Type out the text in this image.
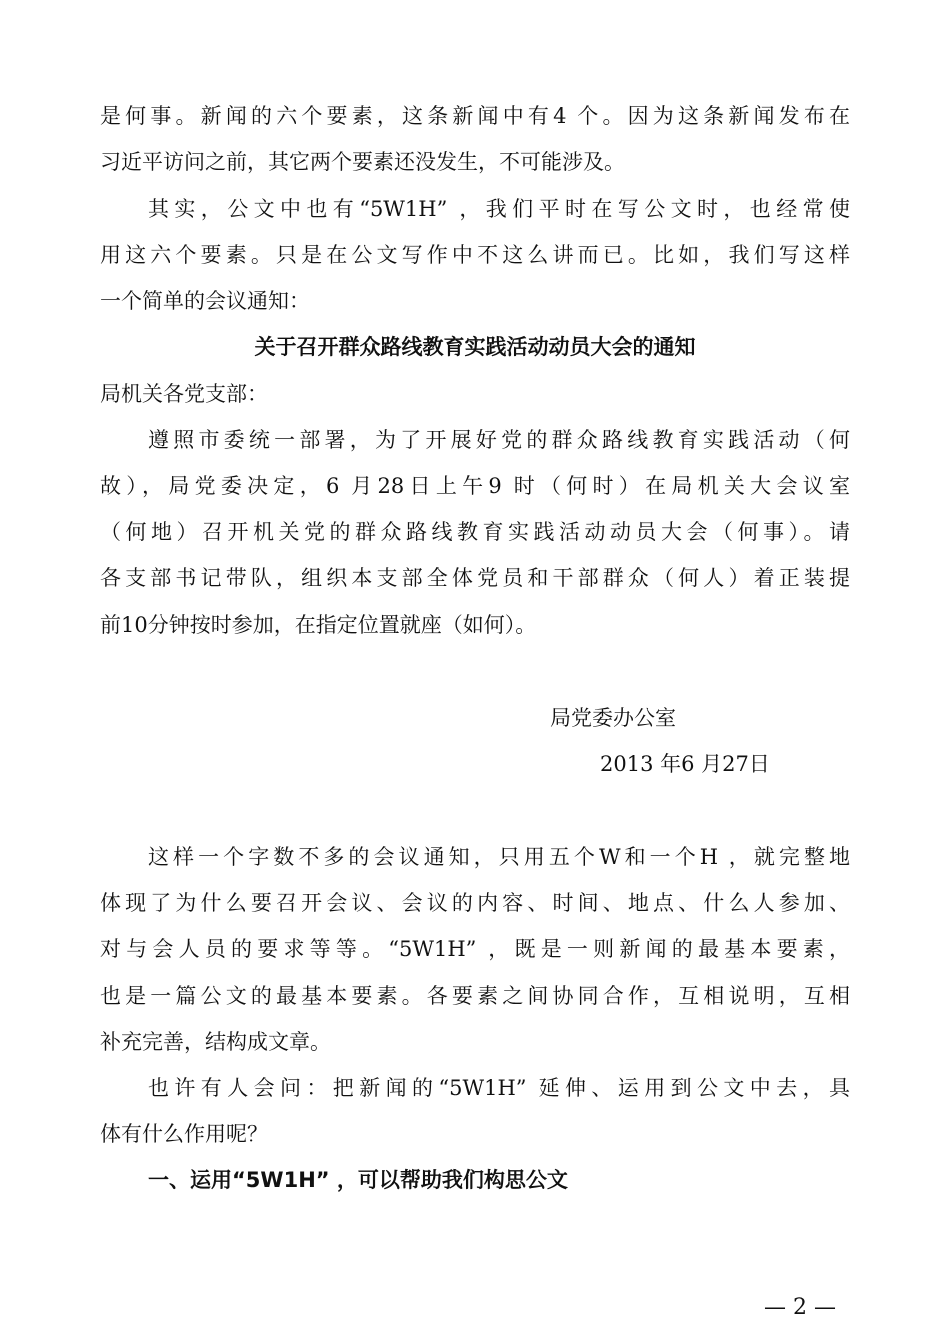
是何事。新闻的六个要素，这条新闻中有4 个。因为这条新闻发布在
习近平访问之前，其它两个要素还没发生，不可能涉及。
其实，公文中也有“5W1H” ，我们平时在写公文时，也经常使
用这六个要素。只是在公文写作中不这么讲而已。比如，我们写这样
一个简单的会议通知：
关于召开群众路线教育实践活动动员大会的通知
局机关各党支部：
遵照市委统一部署，为了开展好党的群众路线教育实践活动（何
故），局党委决定，6 月28日上午9 时（何时）在局机关大会议室
（何地）召开机关党的群众路线教育实践活动动员大会（何事）。请
各支部书记带队，组织本支部全体党员和干部群众（何人）着正装提
前10分钟按时参加，在指定位置就座（如何）。
局党委办公室
2013 年6 月27日
这样一个字数不多的会议通知，只用五个W和一个H ，就完整地
体现了为什么要召开会议、会议的内容、时间、地点、什么人参加、
对与会人员的要求等等。“5W1H” ，既是一则新闻的最基本要素，
也是一篇公文的最基本要素。各要素之间协同合作，互相说明，互相
补充完善，结构成文章。
也许有人会问：把新闻的“5W1H” 延伸、运用到公文中去，具
体有什么作用呢？
一、运用“5W1H” ，可以帮助我们构思公文
— 2 —
